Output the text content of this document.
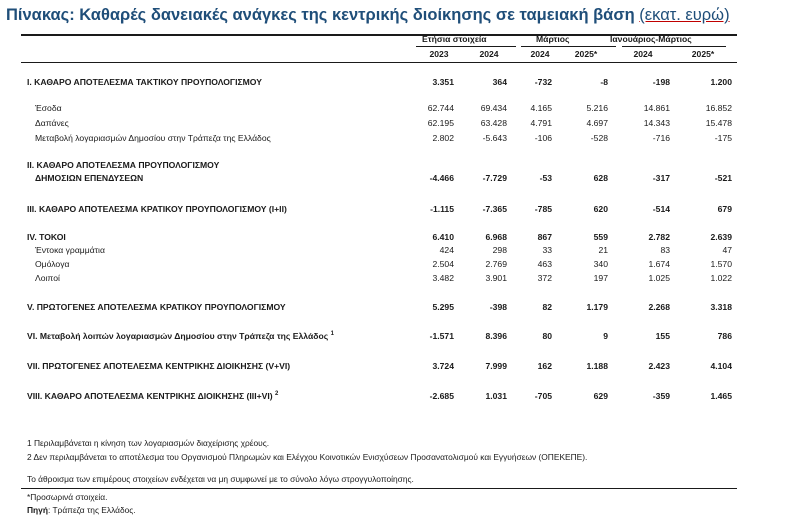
Πίνακας: Καθαρές δανειακές ανάγκες της κεντρικής διοίκησης σε ταμειακή βάση (εκατ. ευρώ)
Ετήσια στοιχεία	Μάρτιος	Ιανουάριος-Μάρτιος
2023	2024	2024	2025*	2024	2025*
I. ΚΑΘΑΡΟ ΑΠΟΤΕΛΕΣΜΑ ΤΑΚΤΙΚΟΥ ΠΡΟΥΠΟΛΟΓΙΣΜΟΥ	3.351	364	-732	-8	-198	1.200
Έσοδα	62.744	69.434	4.165	5.216	14.861	16.852
Δαπάνες	62.195	63.428	4.791	4.697	14.343	15.478
Μεταβολή λογαριασμών Δημοσίου στην Τράπεζα της Ελλάδος	2.802	-5.643	-106	-528	-716	-175
II. ΚΑΘΑΡΟ ΑΠΟΤΕΛΕΣΜΑ ΠΡΟΥΠΟΛΟΓΙΣΜΟΥ
ΔΗΜΟΣΙΩΝ ΕΠΕΝΔΥΣΕΩΝ	-4.466	-7.729	-53	628	-317	-521
III. ΚΑΘΑΡΟ ΑΠΟΤΕΛΕΣΜΑ ΚΡΑΤΙΚΟΥ ΠΡΟΥΠΟΛΟΓΙΣΜΟΥ (I+II)	-1.115	-7.365	-785	620	-514	679
IV. ΤΟΚΟΙ	6.410	6.968	867	559	2.782	2.639
Έντοκα γραμμάτια	424	298	33	21	83	47
Ομόλογα	2.504	2.769	463	340	1.674	1.570
Λοιποί	3.482	3.901	372	197	1.025	1.022
V. ΠΡΩΤΟΓΕΝΕΣ ΑΠΟΤΕΛΕΣΜΑ ΚΡΑΤΙΚΟΥ ΠΡΟΥΠΟΛΟΓΙΣΜΟΥ	5.295	-398	82	1.179	2.268	3.318
VI. Μεταβολή λοιπών λογαριασμών Δημοσίου στην Τράπεζα της Ελλάδος $^1$	-1.571	8.396	80	9	155	786
VII. ΠΡΩΤΟΓΕΝΕΣ ΑΠΟΤΕΛΕΣΜΑ ΚΕΝΤΡΙΚΗΣ ΔΙΟΙΚΗΣΗΣ (V+VI)	3.724	7.999	162	1.188	2.423	4.104
VIII. ΚΑΘΑΡΟ ΑΠΟΤΕΛΕΣΜΑ ΚΕΝΤΡΙΚΗΣ ΔΙΟΙΚΗΣΗΣ (III+VI) $^2$	-2.685	1.031	-705	629	-359	1.465
1 Περιλαμβάνεται η κίνηση των λογαριασμών διαχείρισης χρέους.
2 Δεν περιλαμβάνεται το αποτέλεσμα του Οργανισμού Πληρωμών και Ελέγχου Κοινοτικών Ενισχύσεων Προσανατολισμού και Εγγυήσεων (ΟΠΕΚΕΠΕ).
Το άθροισμα των επιμέρους στοιχείων ενδέχεται να μη συμφωνεί με το σύνολο λόγω στρογγυλοποίησης.
*Προσωρινά στοιχεία.
Πηγή: Τράπεζα της Ελλάδος.
